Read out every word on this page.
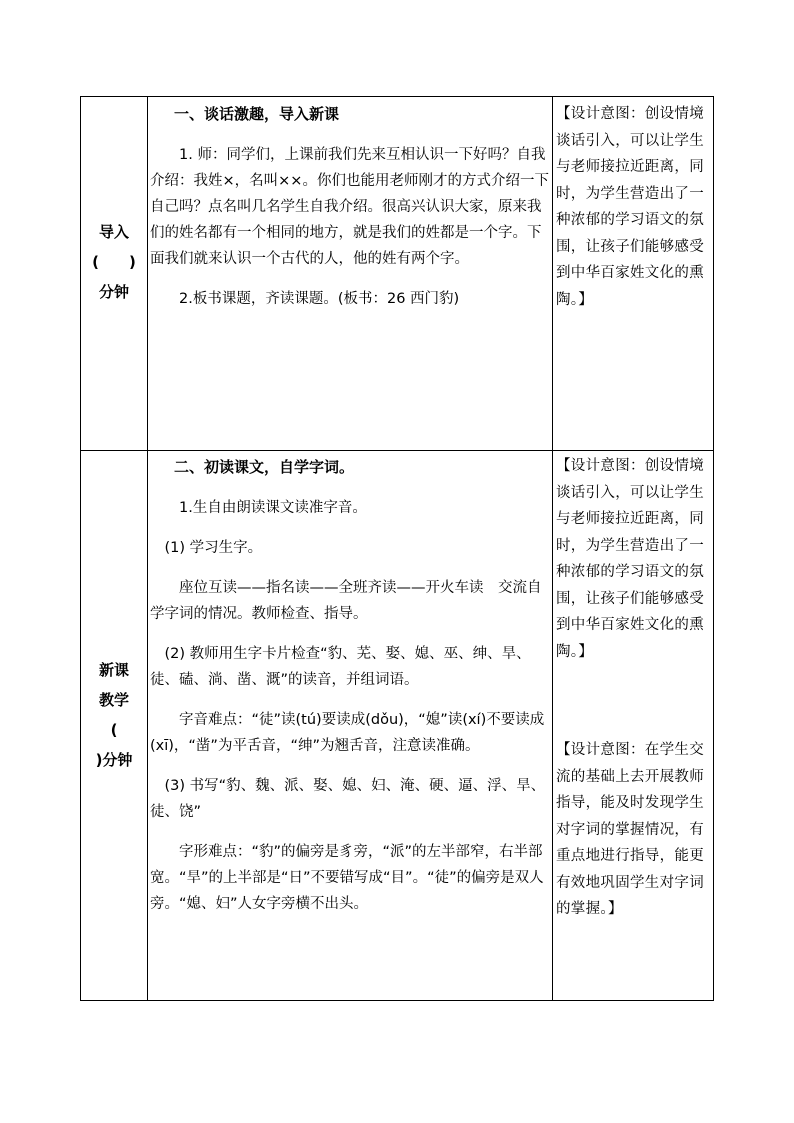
导入
(　　)
分钟
一、谈话激趣，导入新课

1. 师：同学们，上课前我们先来互相认识一下好吗？自我介绍：我姓×，名叫××。你们也能用老师刚才的方式介绍一下自己吗？点名叫几名学生自我介绍。很高兴认识大家，原来我们的姓名都有一个相同的地方，就是我们的姓都是一个字。下面我们就来认识一个古代的人，他的姓有两个字。

2.板书课题，齐读课题。(板书：26 西门豹)

【设计意图：创设情境谈话引入，可以让学生与老师接拉近距离，同时，为学生营造出了一种浓郁的学习语文的氛围，让孩子们能够感受到中华百家姓文化的熏陶。】

新课
教学
(
)分钟
二、初读课文，自学字词。

1.生自由朗读课文读准字音。

(1) 学习生字。

座位互读——指名读——全班齐读——开火车读　交流自学字词的情况。教师检查、指导。

(2) 教师用生字卡片检查“豹、芜、娶、媳、巫、绅、旱、徒、磕、淌、凿、溉”的读音，并组词语。

字音难点：“徒”读(tú)要读成(dǒu)，“媳”读(xí)不要读成(xī)，“凿”为平舌音，“绅”为翘舌音，注意读准确。

(3) 书写“豹、魏、派、娶、媳、妇、淹、硬、逼、浮、旱、徒、饶”

字形难点：“豹”的偏旁是豸旁，“派”的左半部窄，右半部宽。“旱”的上半部是“日”不要错写成“目”。“徒”的偏旁是双人旁。“媳、妇”人女字旁横不出头。

【设计意图：创设情境谈话引入，可以让学生与老师接拉近距离，同时，为学生营造出了一种浓郁的学习语文的氛围，让孩子们能够感受到中华百家姓文化的熏陶。】

【设计意图：在学生交流的基础上去开展教师指导，能及时发现学生对字词的掌握情况，有重点地进行指导，能更有效地巩固学生对字词的掌握。】
